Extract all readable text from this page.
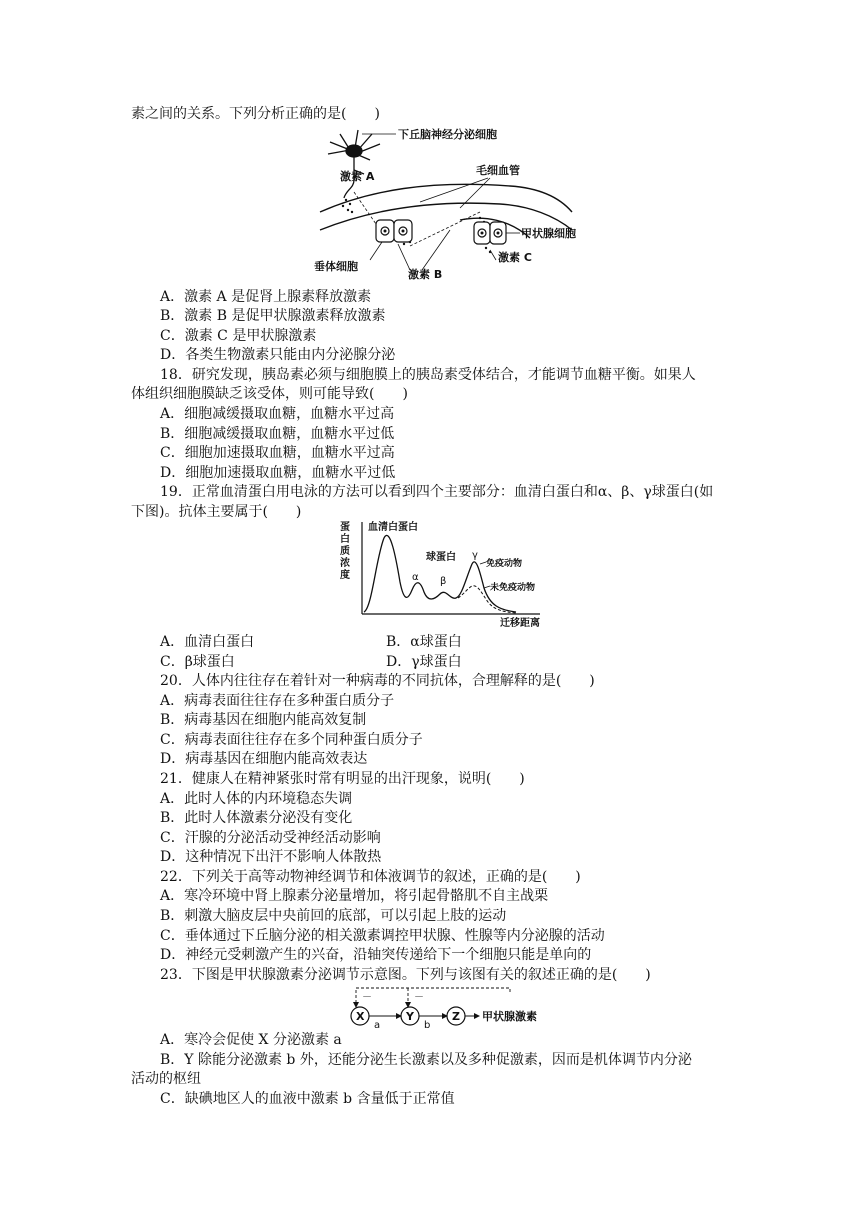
素之间的关系。下列分析正确的是(　　)
下丘脑神经分泌细胞
激素 A	毛细血管
甲状腺细胞
激素 C
垂体细胞
激素 B
A．激素 A 是促肾上腺素释放激素
B．激素 B 是促甲状腺激素释放激素
C．激素 C 是甲状腺激素
D．各类生物激素只能由内分泌腺分泌
18．研究发现，胰岛素必须与细胞膜上的胰岛素受体结合，才能调节血糖平衡。如果人
体组织细胞膜缺乏该受体，则可能导致(　　)
A．细胞减缓摄取血糖，血糖水平过高
B．细胞减缓摄取血糖，血糖水平过低
C．细胞加速摄取血糖，血糖水平过高
D．细胞加速摄取血糖，血糖水平过低
19．正常血清蛋白用电泳的方法可以看到四个主要部分：血清白蛋白和α、β、γ球蛋白(如
下图)。抗体主要属于(　　)
蛋
白
质
浓
度
血清白蛋白
球蛋白
α β
γ
免疫动物
未免疫动物
迁移距离
A．血清白蛋白	B．α球蛋白
C．β球蛋白	D．γ球蛋白
20．人体内往往存在着针对一种病毒的不同抗体，合理解释的是(　　)
A．病毒表面往往存在多种蛋白质分子
B．病毒基因在细胞内能高效复制
C．病毒表面往往存在多个同种蛋白质分子
D．病毒基因在细胞内能高效表达
21．健康人在精神紧张时常有明显的出汗现象，说明(　　)
A．此时人体的内环境稳态失调
B．此时人体激素分泌没有变化
C．汗腺的分泌活动受神经活动影响
D．这种情况下出汗不影响人体散热
22．下列关于高等动物神经调节和体液调节的叙述，正确的是(　　)
A．寒冷环境中肾上腺素分泌量增加，将引起骨骼肌不自主战栗
B．刺激大脑皮层中央前回的底部，可以引起上肢的运动
C．垂体通过下丘脑分泌的相关激素调控甲状腺、性腺等内分泌腺的活动
D．神经元受刺激产生的兴奋，沿轴突传递给下一个细胞只能是单向的
23．下图是甲状腺激素分泌调节示意图。下列与该图有关的叙述正确的是(　　)
－	－
X
a
Y
b
Z 甲状腺激素
A．寒冷会促使 X 分泌激素 a
B．Y 除能分泌激素 b 外，还能分泌生长激素以及多种促激素，因而是机体调节内分泌
活动的枢纽
C．缺碘地区人的血液中激素 b 含量低于正常值
